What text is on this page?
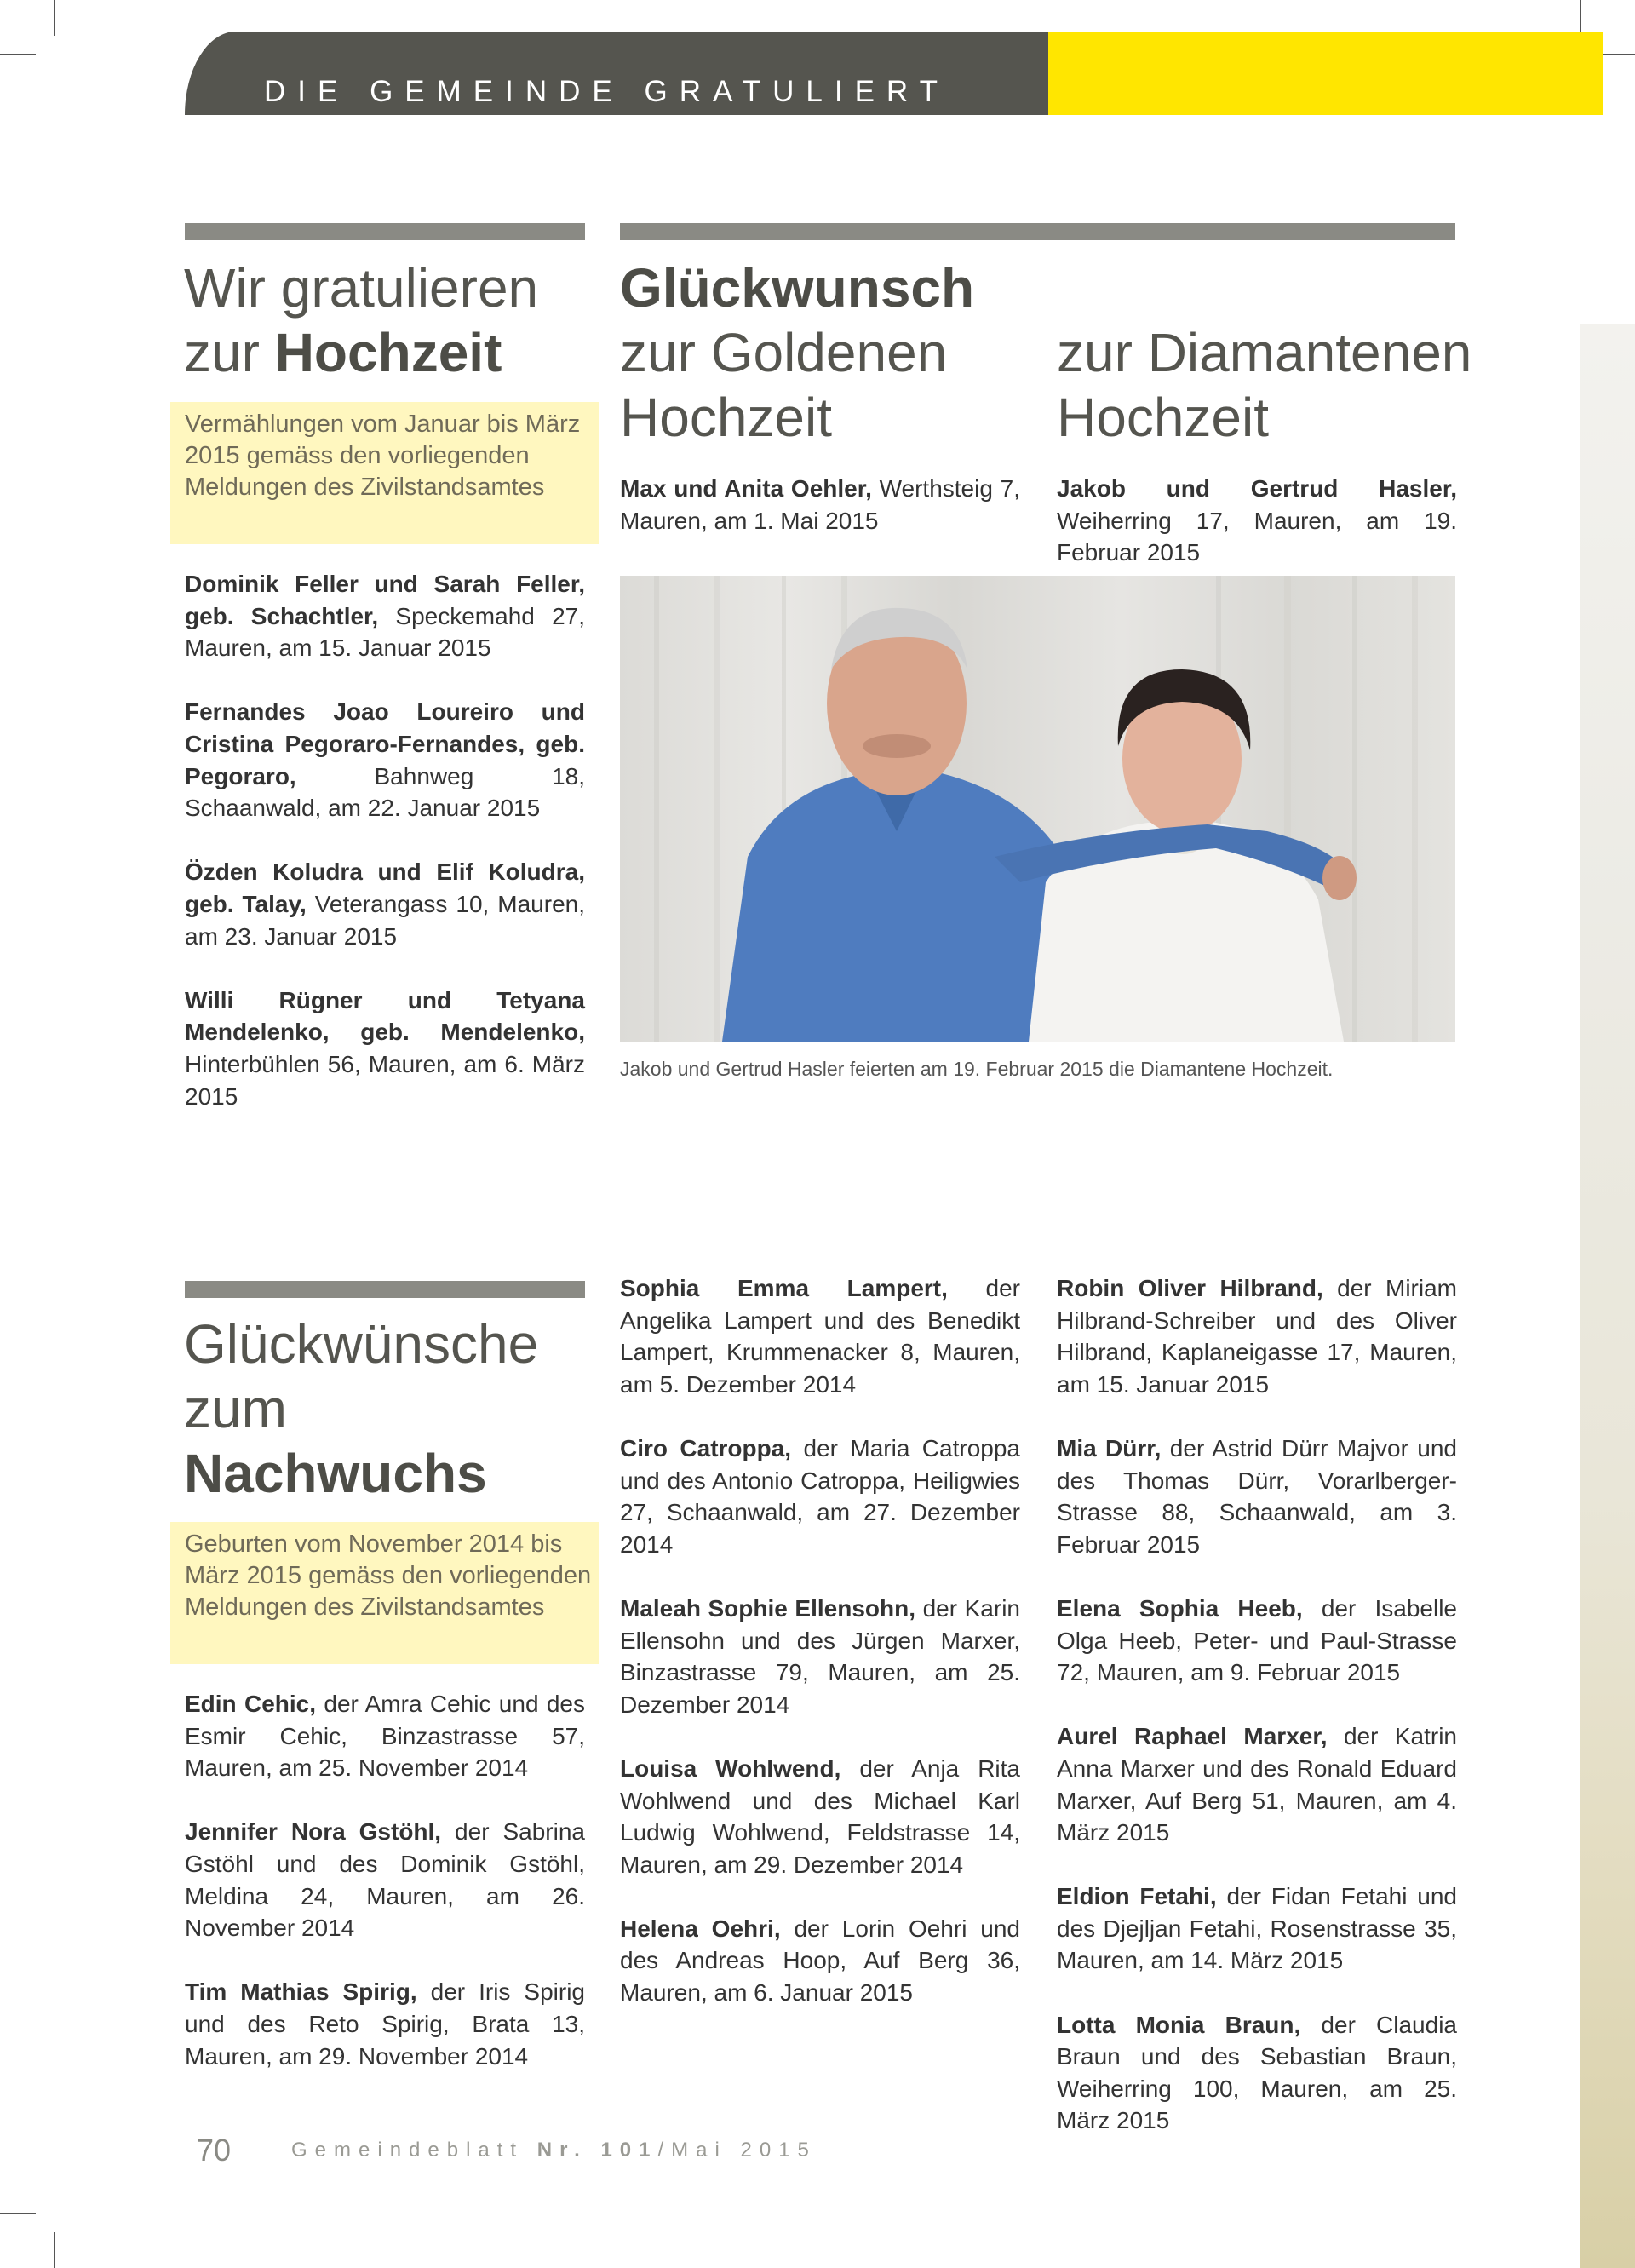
DIE GEMEINDE GRATULIERT
Wir gratulieren
zur Hochzeit
Vermählungen vom Januar bis März 2015 gemäss den vorliegenden Meldungen des Zivilstandsamtes

Dominik Feller und Sarah Feller, geb. Schachtler, Speckemahd 27, Mauren, am 15. Januar 2015

Fernandes Joao Loureiro und Cristina Pegoraro-Fernandes, geb. Pegoraro, Bahnweg 18, Schaanwald, am 22. Januar 2015

Özden Koludra und Elif Koludra, geb. Talay, Veterangass 10, Mauren, am 23. Januar 2015

Willi Rügner und Tetyana Mendelenko, geb. Mendelenko, Hinterbühlen 56, Mauren, am 6. März 2015

Glückwunsch
zur Goldenen
Hochzeit
zur Diamantenen
Hochzeit

Max und Anita Oehler, Werthsteig 7, Mauren, am 1. Mai 2015

Jakob und Gertrud Hasler, Weiherring 17, Mauren, am 19. Februar 2015

Jakob und Gertrud Hasler feierten am 19. Februar 2015 die Diamantene Hochzeit.
Glückwünsche
zum
Nachwuchs
Geburten vom November 2014 bis März 2015 gemäss den vorliegenden Meldungen des Zivilstandsamtes

Edin Cehic, der Amra Cehic und des Esmir Cehic, Binzastrasse 57, Mauren, am 25. November 2014

Jennifer Nora Gstöhl, der Sabrina Gstöhl und des Dominik Gstöhl, Meldina 24, Mauren, am 26. November 2014

Tim Mathias Spirig, der Iris Spirig und des Reto Spirig, Brata 13, Mauren, am 29. November 2014

Sophia Emma Lampert, der Angelika Lampert und des Benedikt Lampert, Krummenacker 8, Mauren, am 5. Dezember 2014

Ciro Catroppa, der Maria Catroppa und des Antonio Catroppa, Heiligwies 27, Schaanwald, am 27. Dezember 2014

Maleah Sophie Ellensohn, der Karin Ellensohn und des Jürgen Marxer, Binzastrasse 79, Mauren, am 25. Dezember 2014

Louisa Wohlwend, der Anja Rita Wohlwend und des Michael Karl Ludwig Wohlwend, Feldstrasse 14, Mauren, am 29. Dezember 2014

Helena Oehri, der Lorin Oehri und des Andreas Hoop, Auf Berg 36, Mauren, am 6. Januar 2015

Robin Oliver Hilbrand, der Miriam Hilbrand-Schreiber und des Oliver Hilbrand, Kaplaneigasse 17, Mauren, am 15. Januar 2015

Mia Dürr, der Astrid Dürr Majvor und des Thomas Dürr, Vorarlberger-Strasse 88, Schaanwald, am 3. Februar 2015

Elena Sophia Heeb, der Isabelle Olga Heeb, Peter- und Paul-Strasse 72, Mauren, am 9. Februar 2015

Aurel Raphael Marxer, der Katrin Anna Marxer und des Ronald Eduard Marxer, Auf Berg 51, Mauren, am 4. März 2015

Eldion Fetahi, der Fidan Fetahi und des Djejljan Fetahi, Rosenstrasse 35, Mauren, am 14. März 2015

Lotta Monia Braun, der Claudia Braun und des Sebastian Braun, Weiherring 100, Mauren, am 25. März 2015

70	Gemeindeblatt Nr. 101/Mai 2015
